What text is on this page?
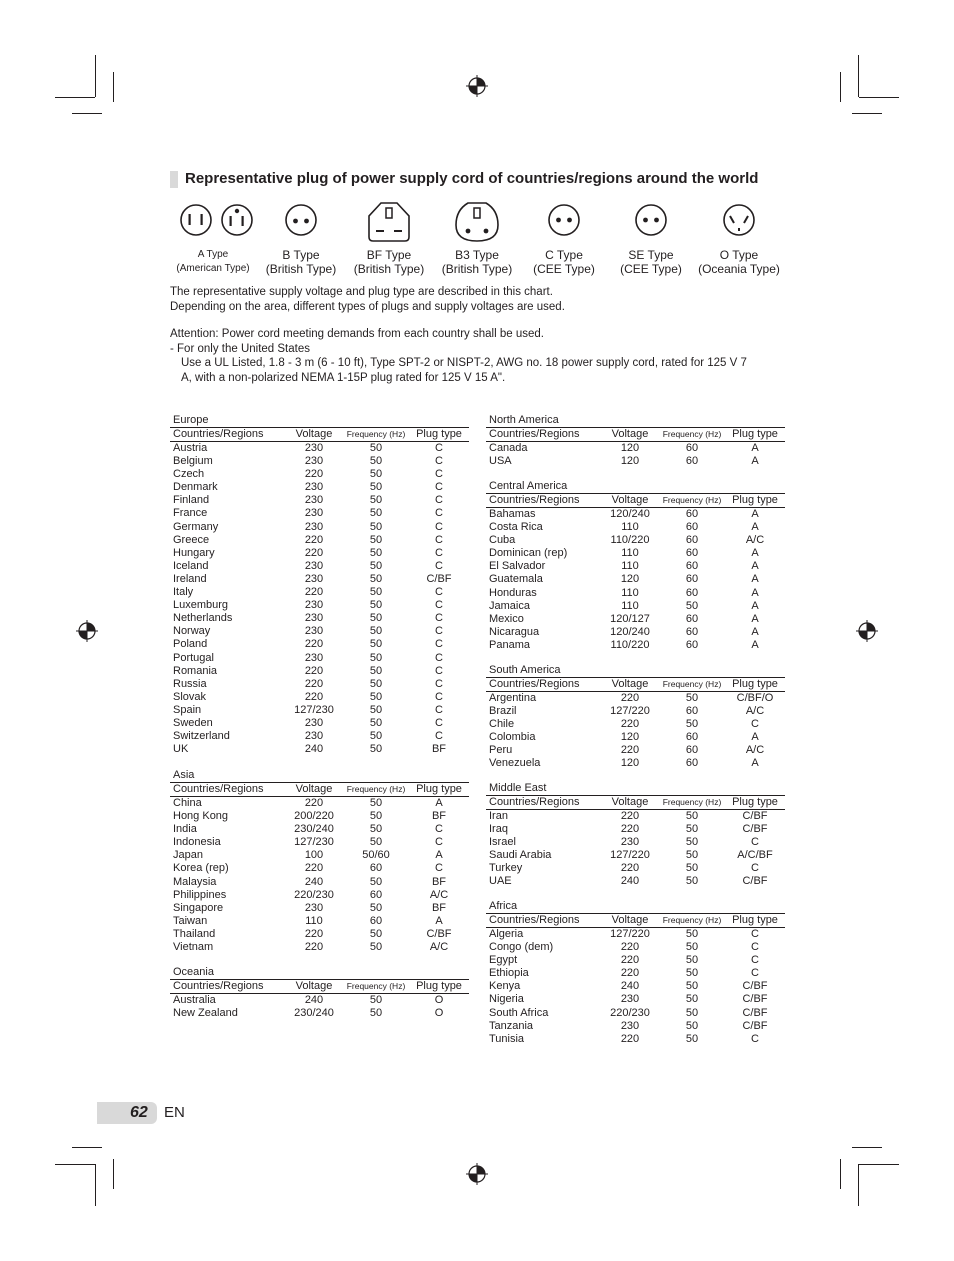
Representative plug of power supply cord of countries/regions around the world
A Type
(American Type)
B Type
(British Type)
BF Type
(British Type)
B3 Type
(British Type)
C Type
(CEE Type)
SE Type
(CEE Type)
O Type
(Oceania Type)
The representative supply voltage and plug type are described in this chart.
Depending on the area, different types of plugs and supply voltages are used.
Attention: Power cord meeting demands from each country shall be used.
- For only the United States
Use a UL Listed, 1.8 - 3 m (6 - 10 ft), Type SPT-2 or NISPT-2, AWG no. 18 power supply cord, rated for 125 V 7
A, with a non-polarized NEMA 1-15P plug rated for 125 V 15 A".
Europe
Countries/Regions	Voltage	Frequency (Hz) Plug type
Austria	230	50	C
Belgium	230	50	C
Czech	220	50	C
Denmark	230	50	C
Finland	230	50	C
France	230	50	C
Germany	230	50	C
Greece	220	50	C
Hungary	220	50	C
Iceland	230	50	C
Ireland	230	50	C/BF
Italy	220	50	C
Luxemburg	230	50	C
Netherlands	230	50	C
Norway	230	50	C
Poland	220	50	C
Portugal	230	50	C
Romania	220	50	C
Russia	220	50	C
Slovak	220	50	C
Spain	127/230	50	C
Sweden	230	50	C
Switzerland	230	50	C
UK	240	50	BF
Asia
Countries/Regions	Voltage	Frequency (Hz) Plug type
China	220	50	A
Hong Kong	200/220	50	BF
India	230/240	50	C
Indonesia	127/230	50	C
Japan	100	50/60	A
Korea (rep)	220	60	C
Malaysia	240	50	BF
Philippines	220/230	60	A/C
Singapore	230	50	BF
Taiwan	110	60	A
Thailand	220	50	C/BF
Vietnam	220	50	A/C
Oceania
Countries/Regions	Voltage	Frequency (Hz) Plug type
Australia	240	50	O
New Zealand	230/240	50	O
North America
Countries/Regions	Voltage	Frequency (Hz) Plug type
Canada	120	60	A
USA	120	60	A
Central America
Countries/Regions	Voltage	Frequency (Hz) Plug type
Bahamas	120/240	60	A
Costa Rica	110	60	A
Cuba	110/220	60	A/C
Dominican (rep)	110	60	A
El Salvador	110	60	A
Guatemala	120	60	A
Honduras	110	60	A
Jamaica	110	50	A
Mexico	120/127	60	A
Nicaragua	120/240	60	A
Panama	110/220	60	A
South America
Countries/Regions	Voltage	Frequency (Hz) Plug type
Argentina	220	50	C/BF/O
Brazil	127/220	60	A/C
Chile	220	50	C
Colombia	120	60	A
Peru	220	60	A/C
Venezuela	120	60	A
Middle East
Countries/Regions	Voltage	Frequency (Hz) Plug type
Iran	220	50	C/BF
Iraq	220	50	C/BF
Israel	230	50	C
Saudi Arabia	127/220	50	A/C/BF
Turkey	220	50	C
UAE	240	50	C/BF
Africa
Countries/Regions	Voltage	Frequency (Hz) Plug type
Algeria	127/220	50	C
Congo (dem)	220	50	C
Egypt	220	50	C
Ethiopia	220	50	C
Kenya	240	50	C/BF
Nigeria	230	50	C/BF
South Africa	220/230	50	C/BF
Tanzania	230	50	C/BF
Tunisia	220	50	C
62 EN
